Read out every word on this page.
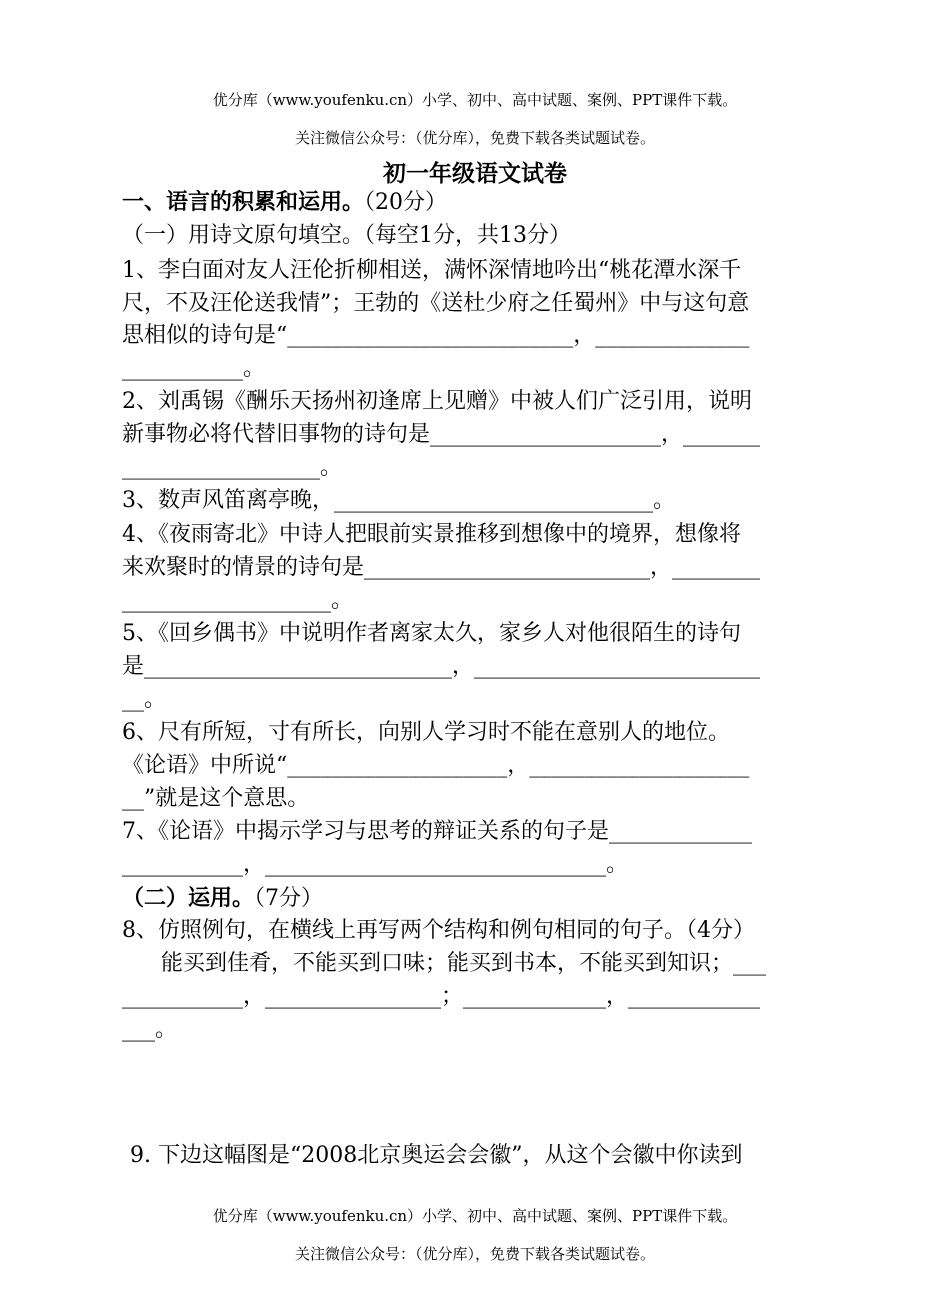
优分库（www.youfenku.cn）小学、初中、高中试题、案例、PPT课件下载。
关注微信公众号：（优分库），免费下载各类试题试卷。
初一年级语文试卷
一、语言的积累和运用。（20分）
（一）用诗文原句填空。（每空1分，共13分）
1、李白面对友人汪伦折柳相送，满怀深情地吟出“桃花潭水深千
尺，不及汪伦送我情”；王勃的《送杜少府之任蜀州》中与这句意
思相似的诗句是“__________________________，______________
___________。
2、刘禹锡《酬乐天扬州初逢席上见赠》中被人们广泛引用，说明
新事物必将代替旧事物的诗句是_____________________，_______
__________________。
3、数声风笛离亭晚，_____________________________。
4、《夜雨寄北》中诗人把眼前实景推移到想像中的境界，想像将
来欢聚时的情景的诗句是__________________________，________
___________________。
5、《回乡偶书》中说明作者离家太久，家乡人对他很陌生的诗句
是____________________________，__________________________
__。
6、尺有所短，寸有所长，向别人学习时不能在意别人的地位。
《论语》中所说“____________________，____________________
__”就是这个意思。
7、《论语》中揭示学习与思考的辩证关系的句子是_____________
___________，_______________________________。
（二）运用。（7分）
8、仿照例句，在横线上再写两个结构和例句相同的句子。（4分）
能买到佳肴，不能买到口味；能买到书本，不能买到知识；___
___________，________________；_____________，____________
___。
9. 下边这幅图是“2008北京奥运会会徽”，从这个会徽中你读到
优分库（www.youfenku.cn）小学、初中、高中试题、案例、PPT课件下载。
关注微信公众号：（优分库），免费下载各类试题试卷。
